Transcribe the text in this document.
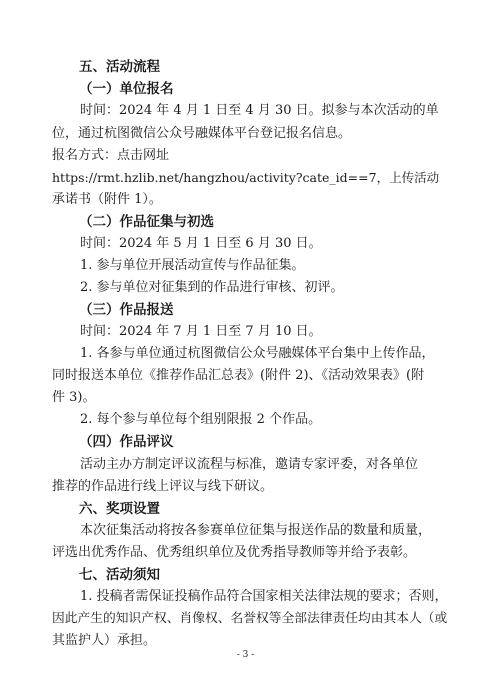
五、活动流程
（一）单位报名
时间：2024 年 4 月 1 日至 4 月 30 日。拟参与本次活动的单
位，通过杭图微信公众号融媒体平台登记报名信息。
报名方式：点击网址
https://rmt.hzlib.net/hangzhou/activity?cate_id==7，上传活动
承诺书（附件 1）。
（二）作品征集与初选
时间：2024 年 5 月 1 日至 6 月 30 日。
1. 参与单位开展活动宣传与作品征集。
2. 参与单位对征集到的作品进行审核、初评。
（三）作品报送
时间：2024 年 7 月 1 日至 7 月 10 日。
1. 各参与单位通过杭图微信公众号融媒体平台集中上传作品，
同时报送本单位《推荐作品汇总表》(附件 2)、《活动效果表》(附
件 3)。
2. 每个参与单位每个组别限报 2 个作品。
（四）作品评议
活动主办方制定评议流程与标准，邀请专家评委，对各单位
推荐的作品进行线上评议与线下研议。
六、奖项设置
本次征集活动将按各参赛单位征集与报送作品的数量和质量，
评选出优秀作品、优秀组织单位及优秀指导教师等并给予表彰。
七、活动须知
1. 投稿者需保证投稿作品符合国家相关法律法规的要求；否则，
因此产生的知识产权、肖像权、名誉权等全部法律责任均由其本人（或
其监护人）承担。
- 3 -
